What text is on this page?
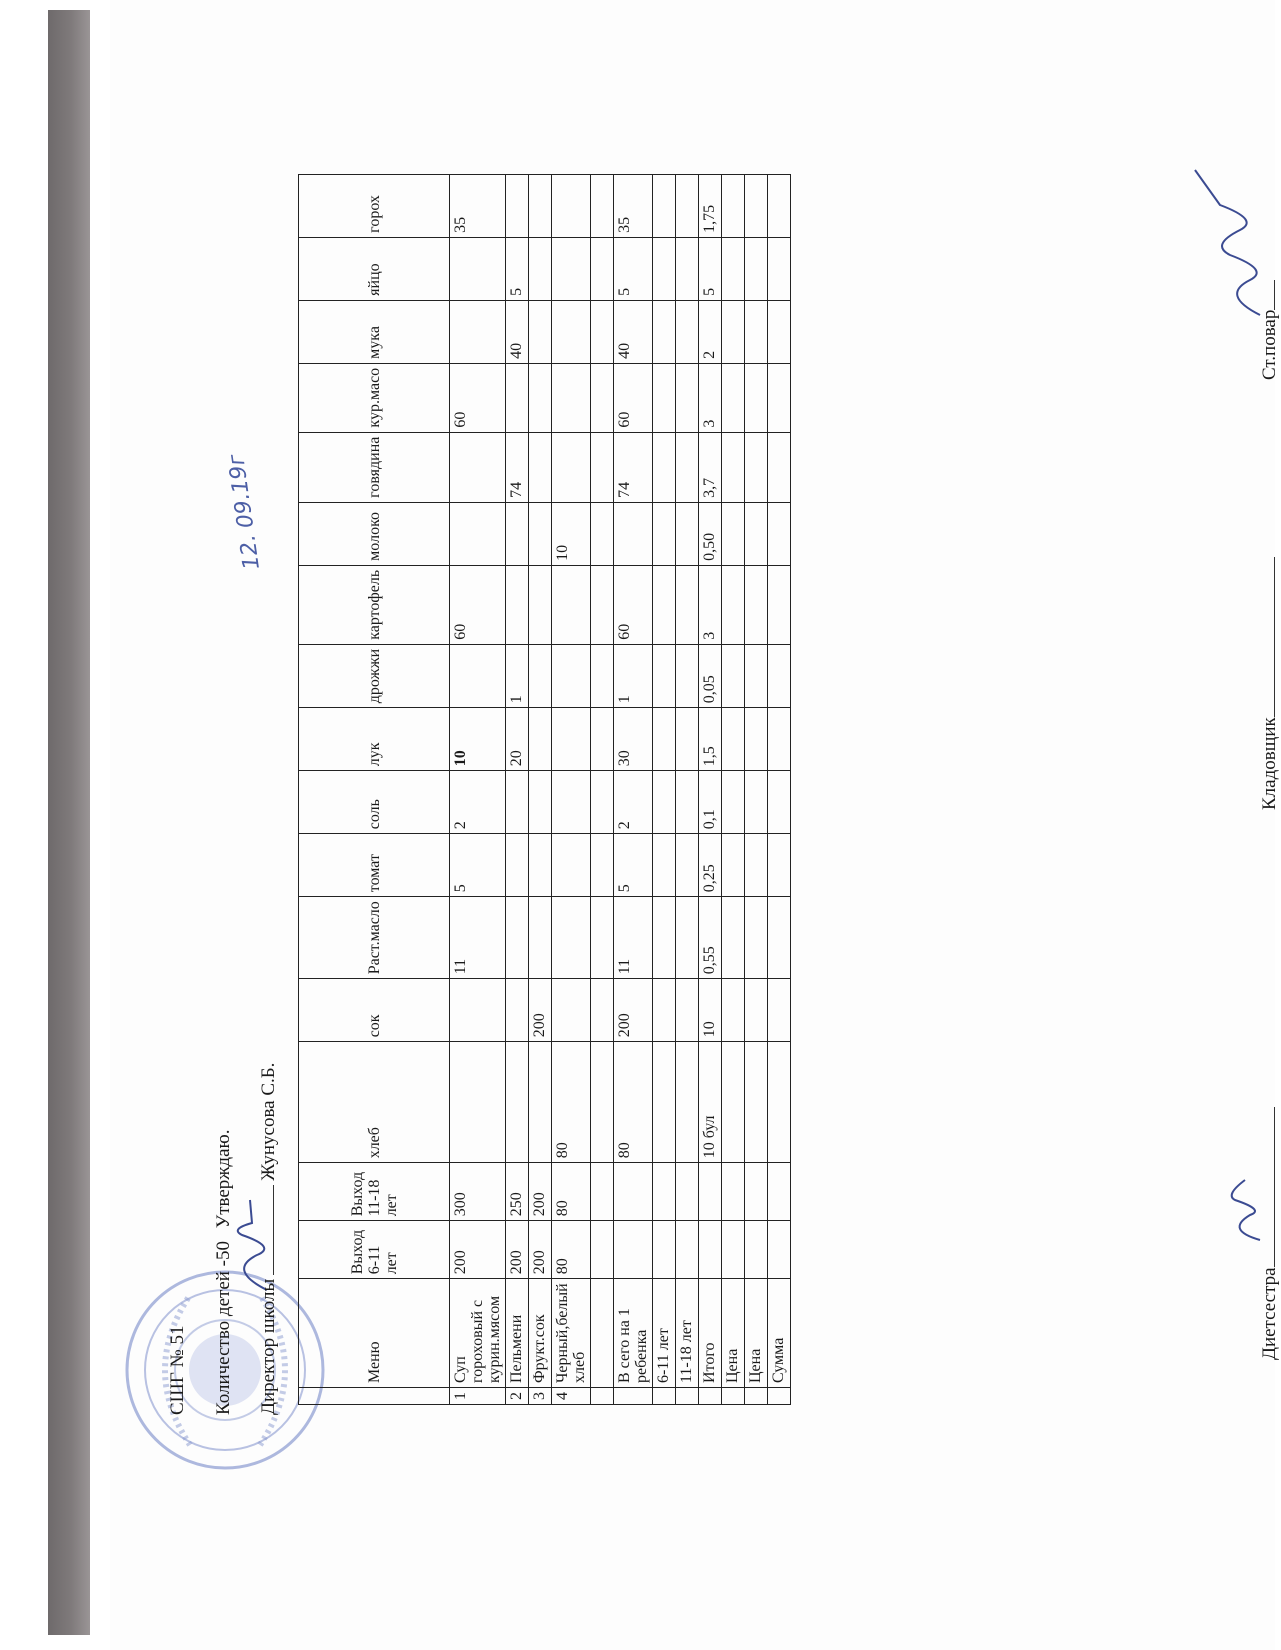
СШГ № 51 Количество детей -50 Утверждаю.
Директор школыЖунусова С.Б.
12. 09.19г
	Меню	Выход 6-11 лет	Выход 11-18 лет	хлеб	сок	Раст.масло	томат	соль	лук	дрожжи	картофель	молоко	говядина	кур.масо	мука	яйцо	горох
1	Суп гороховый с курин.мясом	200	300			11	5	2	10		60			60			35
2	Пельмени	200	250						20	1			74		40	5	
3	Фрукт.сок	200	200		200												
4	Черный,белый хлеб	80	80	80								10					

	В сего на 1 ребенка			80	200	11	5	2	30	1	60		74	60	40	5	35
	6-11 лет																
	11-18 лет																
	Итого			10 бул	10	0,55	0,25	0,1	1,5	0,05	3	0,50	3,7	3	2	5	1,75
	Цена																
	Цена																
	Сумма																
Диетсестра
Кладовщик
Ст.повар
